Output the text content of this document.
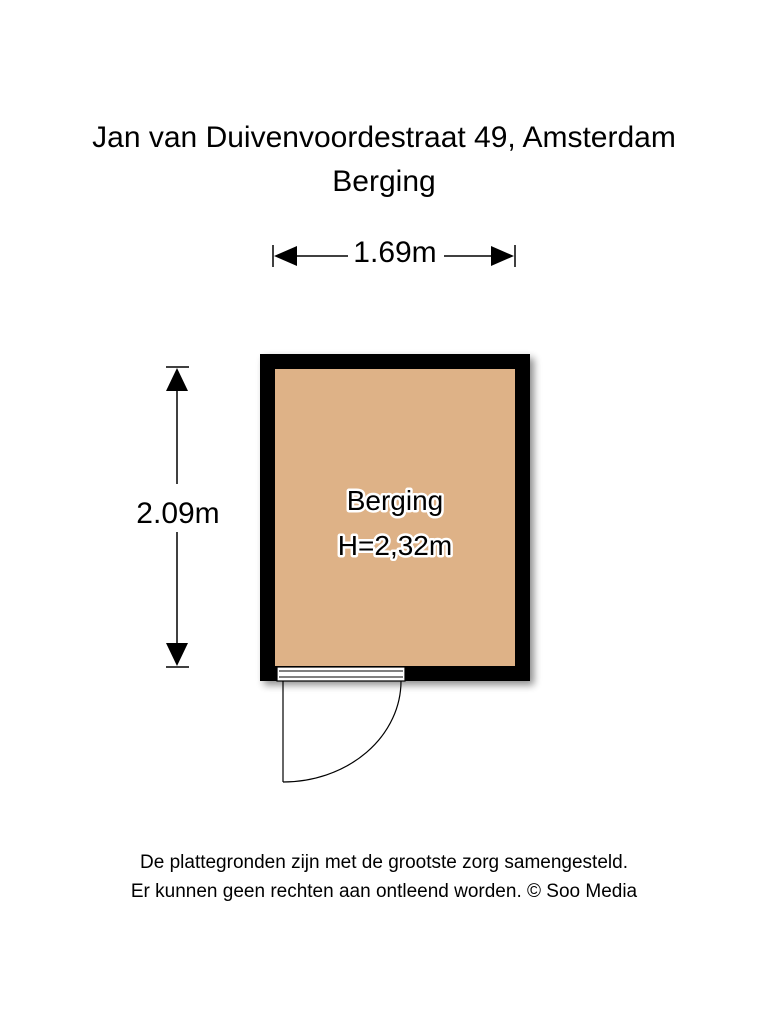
Jan van Duivenvoordestraat 49, Amsterdam
Berging
1.69m
2.09m	Berging
H=2,32m
De plattegronden zijn met de grootste zorg samengesteld.
Er kunnen geen rechten aan ontleend worden. © Soo Media
